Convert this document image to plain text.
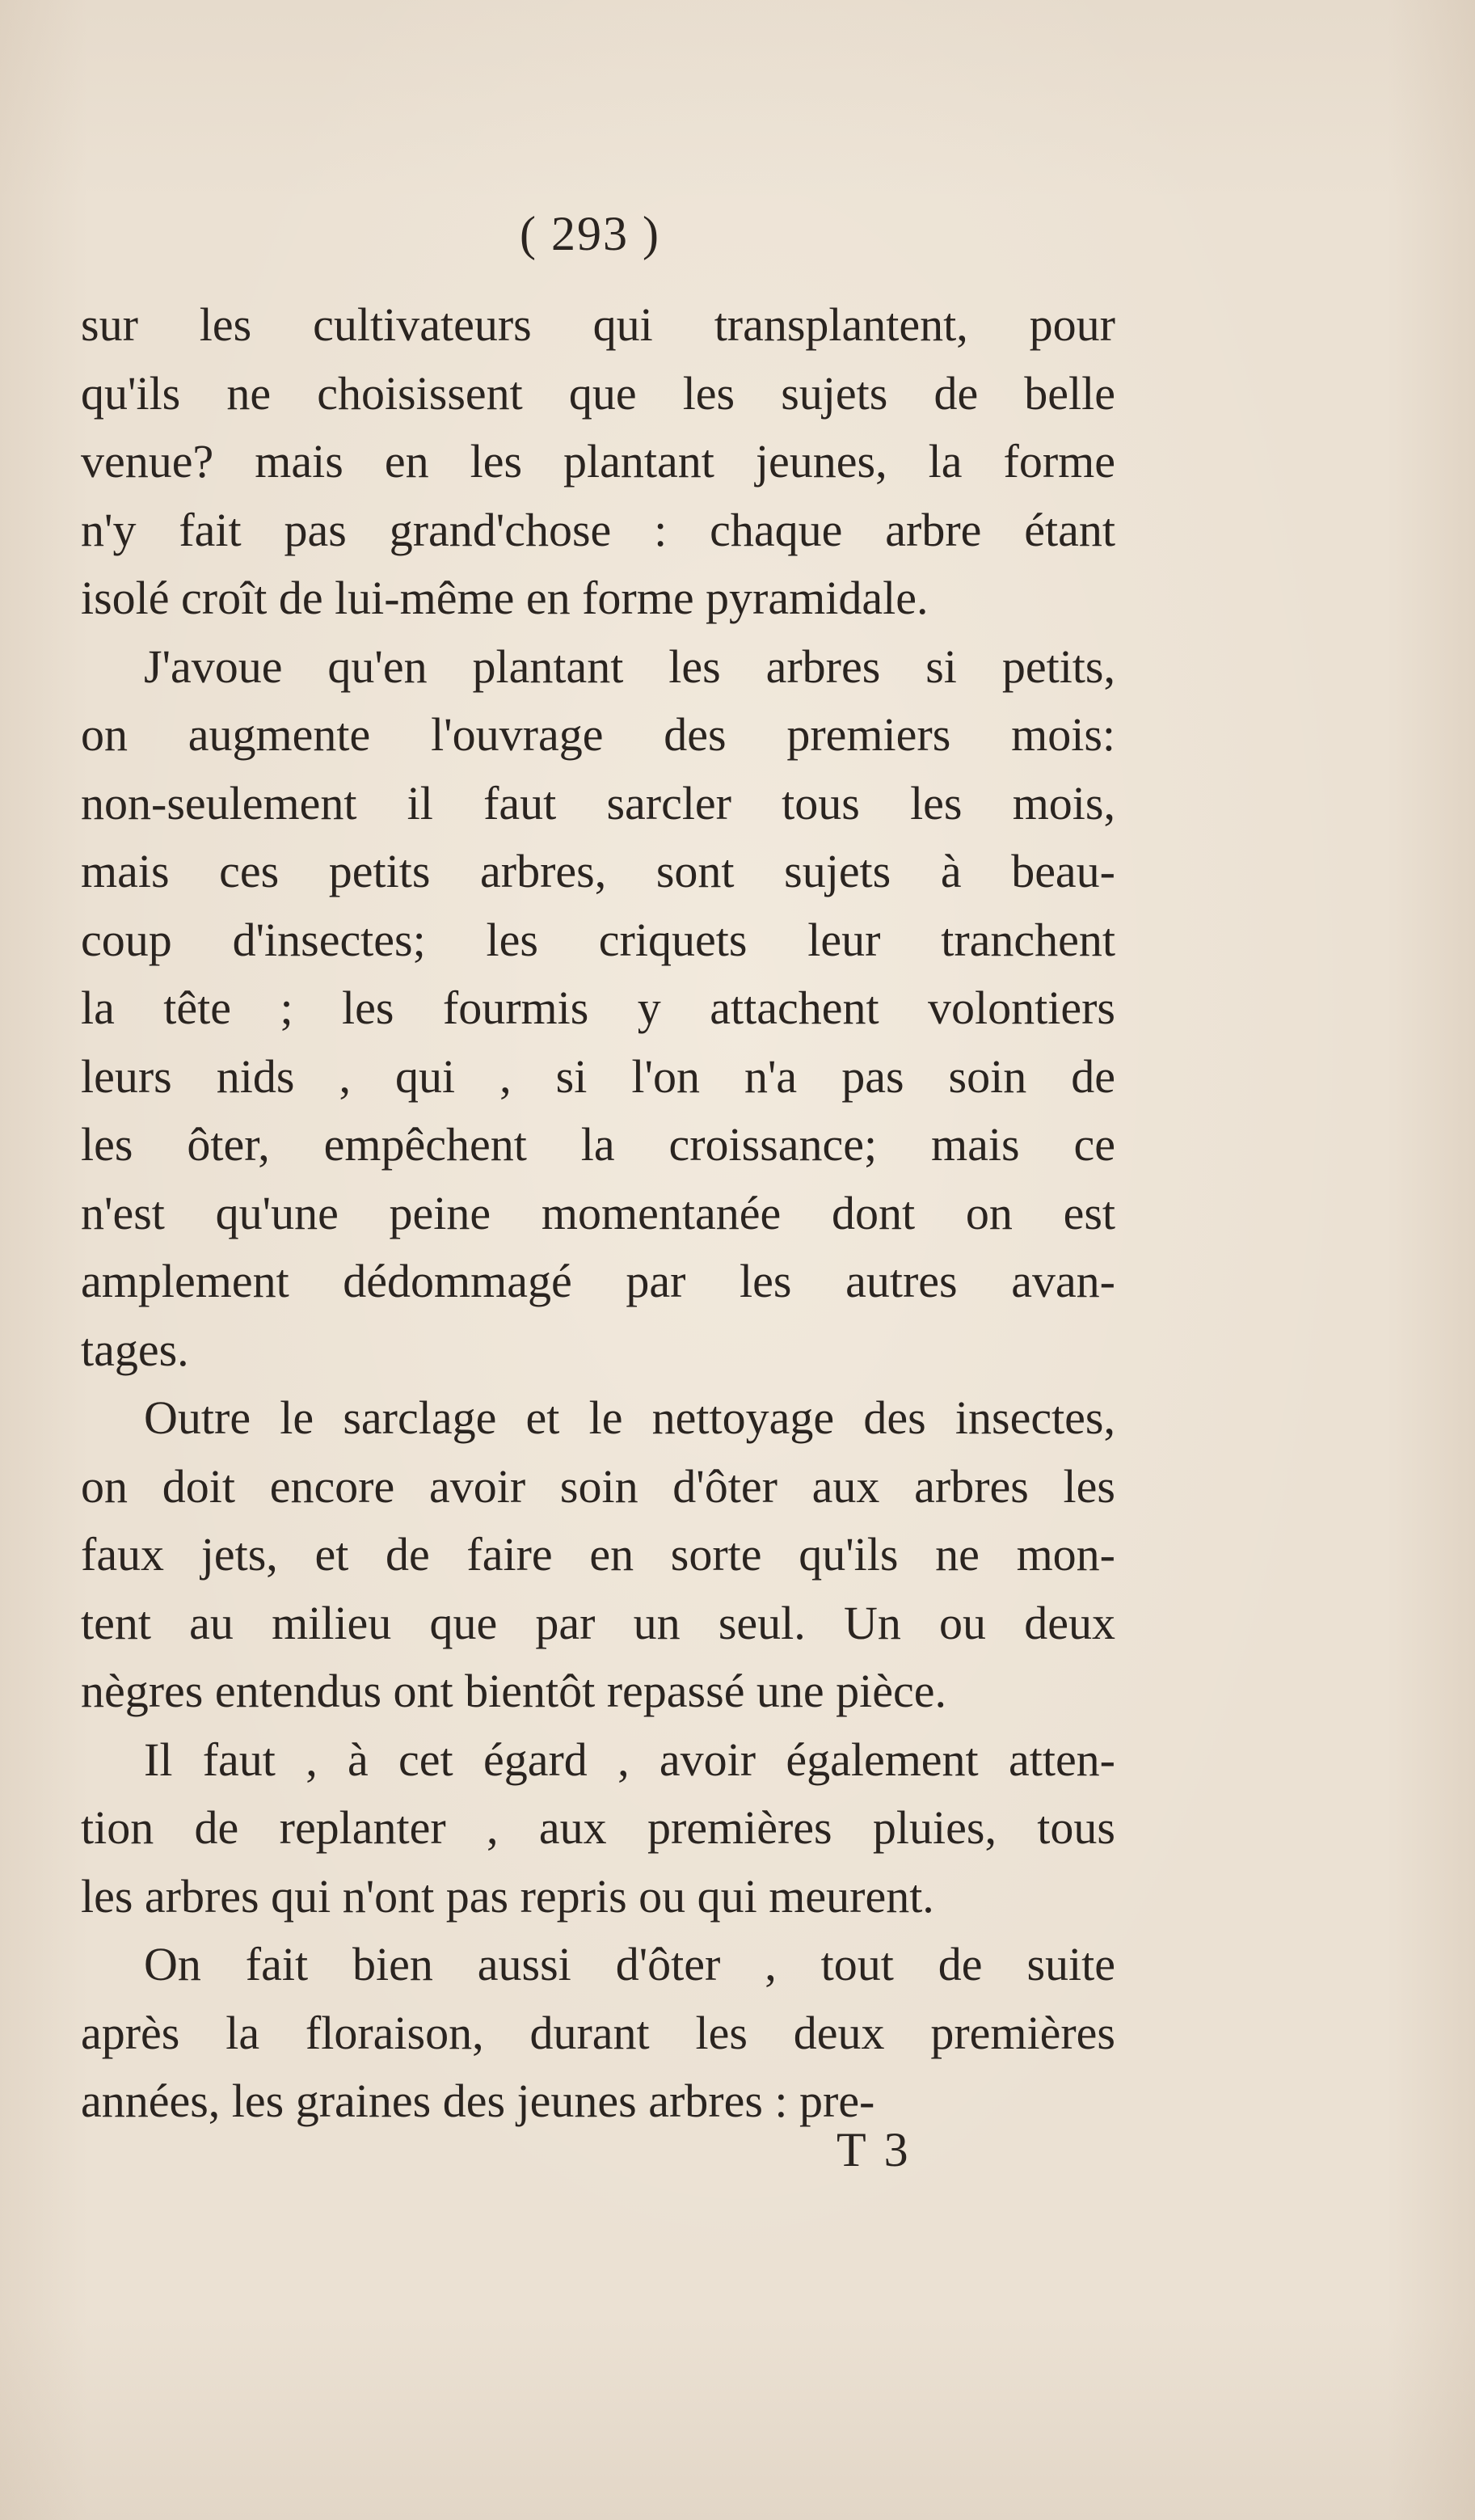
( 293 )
sur les cultivateurs qui transplantent, pour
qu'ils ne choisissent que les sujets de belle
venue? mais en les plantant jeunes, la forme
n'y fait pas grand'chose : chaque arbre étant
isolé croît de lui-même en forme pyramidale.
J'avoue qu'en plantant les arbres si petits,
on augmente l'ouvrage des premiers mois:
non-seulement il faut sarcler tous les mois,
mais ces petits arbres, sont sujets à beau-
coup d'insectes; les criquets leur tranchent
la tête ; les fourmis y attachent volontiers
leurs nids , qui , si l'on n'a pas soin de
les ôter, empêchent la croissance; mais ce
n'est qu'une peine momentanée dont on est
amplement dédommagé par les autres avan-
tages.
Outre le sarclage et le nettoyage des insectes,
on doit encore avoir soin d'ôter aux arbres les
faux jets, et de faire en sorte qu'ils ne mon-
tent au milieu que par un seul. Un ou deux
nègres entendus ont bientôt repassé une pièce.
Il faut , à cet égard , avoir également atten-
tion de replanter , aux premières pluies, tous
les arbres qui n'ont pas repris ou qui meurent.
On fait bien aussi d'ôter , tout de suite
après la floraison, durant les deux premières
années, les graines des jeunes arbres : pre-
T 3
